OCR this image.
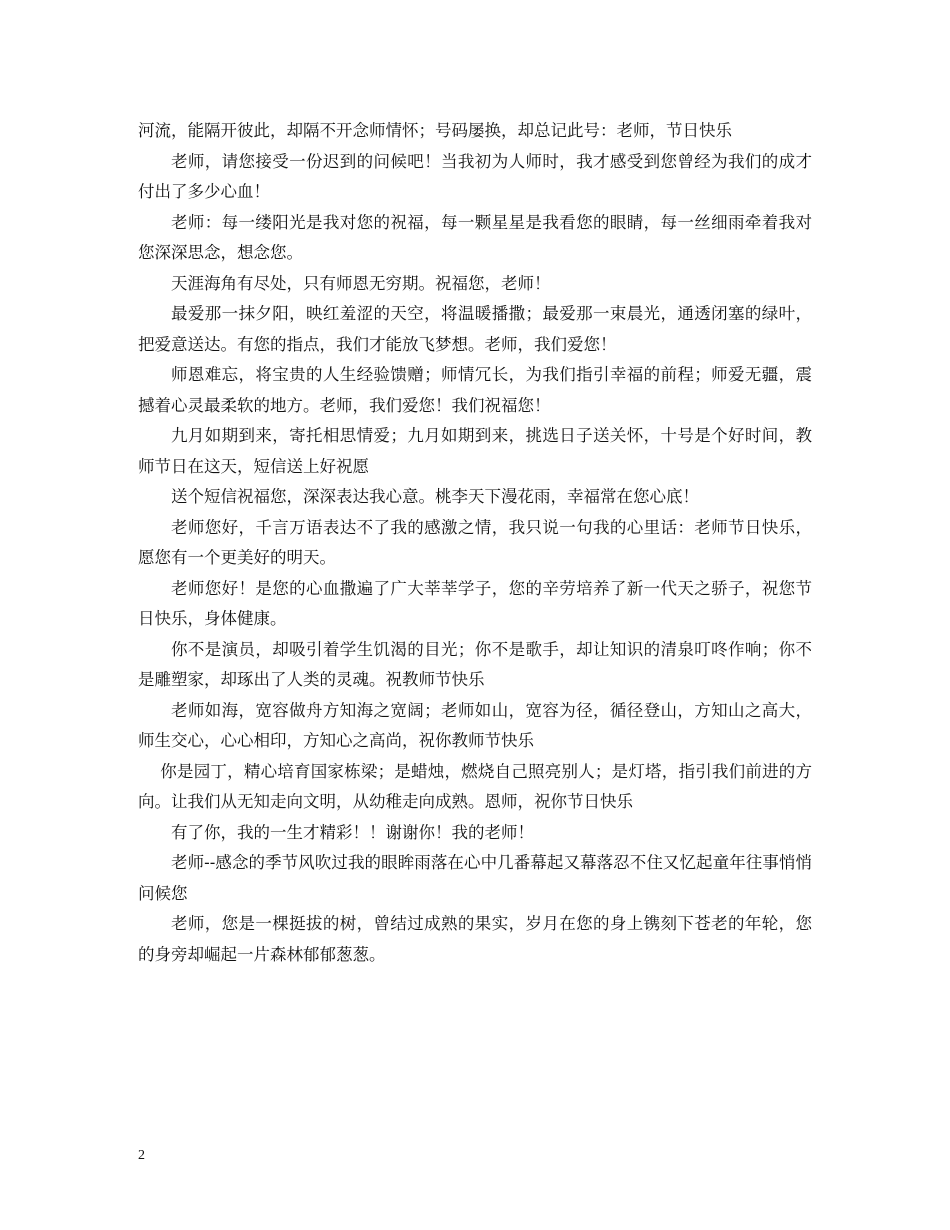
河流，能隔开彼此，却隔不开念师情怀；号码屡换，却总记此号：老师，节日快乐

老师，请您接受一份迟到的问候吧！当我初为人师时，我才感受到您曾经为我们的成才付出了多少心血！

老师：每一缕阳光是我对您的祝福，每一颗星星是我看您的眼睛，每一丝细雨牵着我对您深深思念，想念您。

天涯海角有尽处，只有师恩无穷期。祝福您，老师！

最爱那一抹夕阳，映红羞涩的天空，将温暖播撒；最爱那一束晨光，通透闭塞的绿叶，把爱意送达。有您的指点，我们才能放飞梦想。老师，我们爱您！

师恩难忘，将宝贵的人生经验馈赠；师情冗长，为我们指引幸福的前程；师爱无疆，震撼着心灵最柔软的地方。老师，我们爱您！我们祝福您！

九月如期到来，寄托相思情爱；九月如期到来，挑选日子送关怀，十号是个好时间，教师节日在这天，短信送上好祝愿

送个短信祝福您，深深表达我心意。桃李天下漫花雨，幸福常在您心底！

老师您好，千言万语表达不了我的感激之情，我只说一句我的心里话：老师节日快乐，愿您有一个更美好的明天。

老师您好！是您的心血撒遍了广大莘莘学子，您的辛劳培养了新一代天之骄子，祝您节日快乐，身体健康。

你不是演员，却吸引着学生饥渴的目光；你不是歌手，却让知识的清泉叮咚作响；你不是雕塑家，却琢出了人类的灵魂。祝教师节快乐

老师如海，宽容做舟方知海之宽阔；老师如山，宽容为径，循径登山，方知山之高大，师生交心，心心相印，方知心之高尚，祝你教师节快乐

你是园丁，精心培育国家栋梁；是蜡烛，燃烧自己照亮别人；是灯塔，指引我们前进的方向。让我们从无知走向文明，从幼稚走向成熟。恩师，祝你节日快乐

有了你，我的一生才精彩！！谢谢你！我的老师！

老师--感念的季节风吹过我的眼眸雨落在心中几番幕起又幕落忍不住又忆起童年往事悄悄问候您

老师，您是一棵挺拔的树，曾结过成熟的果实，岁月在您的身上镌刻下苍老的年轮，您的身旁却崛起一片森林郁郁葱葱。

2
